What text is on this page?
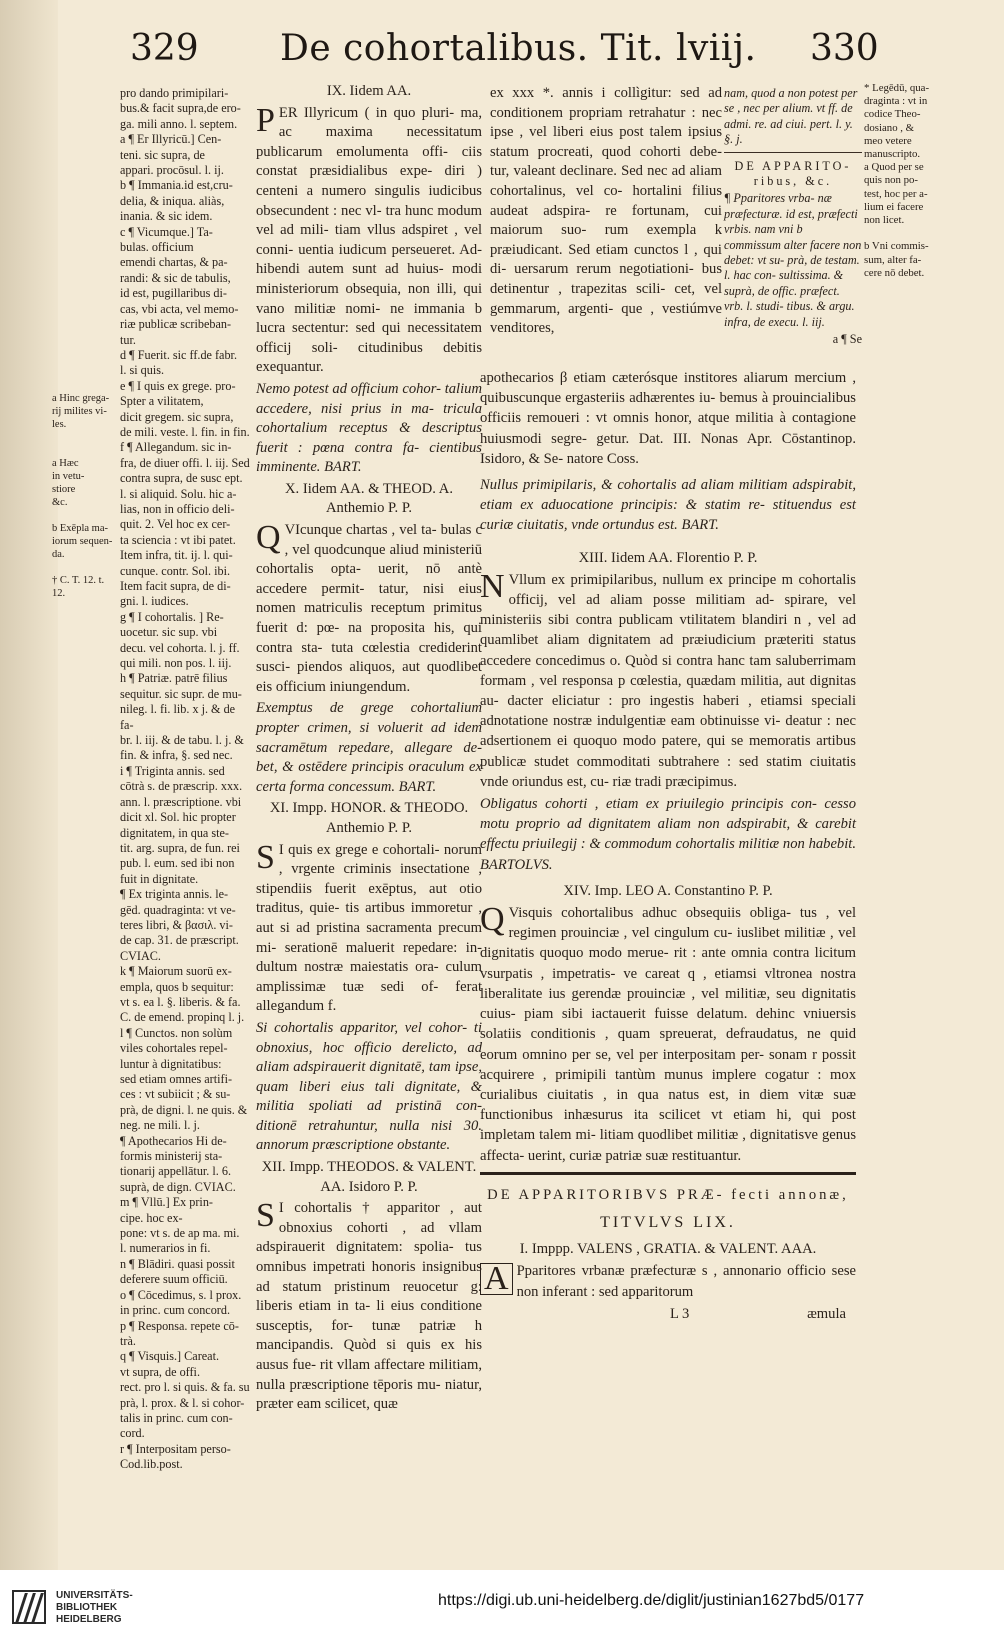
329 De cohortalibus. Tit. lviij. 330
a Hinc grega-
rij milites vi-
les.

a Hæc
in vetu-
stiore
&c.

b Exēpla ma-
iorum sequen-
da.

† C. T. 12. t.
12.
pro dando primipilari-
bus.& facit supra,de ero-
ga. mili anno. l. septem.
a ¶ Er Illyricū.] Cen-
teni. sic supra, de
appari. procōsul. l. ij.
b ¶ Immania.id est,cru-
delia, & iniqua. aliàs,
inania. & sic idem.
c ¶ Vicumque.] Ta-
bulas. officium
emendi chartas, & pa-
randi: & sic de tabulis,
id est, pugillaribus di-
cas, vbi acta, vel memo-
riæ publicæ scribeban-
tur.
d ¶ Fuerit. sic ff.de fabr.
l. si quis.
e ¶ I quis ex grege. pro-
Spter a vilitatem,
dicit gregem. sic supra,
de mili. veste. l. fin. in fin.
f ¶ Allegandum. sic in-
fra, de diuer offi. l. iij. Sed
contra supra, de susc ept.
l. si aliquid. Solu. hic a-
lias, non in officio deli-
quit. 2. Vel hoc ex cer-
ta sciencia : vt ibi patet.
Item infra, tit. ij. l. qui-
cunque. contr. Sol. ibi.
Item facit supra, de di-
gni. l. iudices.
g ¶ I cohortalis. ] Re-
uocetur. sic sup. vbi
decu. vel cohorta. l. j. ff.
qui mili. non pos. l. iij.
h ¶ Patriæ. patrē filius
sequitur. sic supr. de mu-
nileg. l. fi. lib. x j. & de fa-
br. l. iij. & de tabu. l. j. &
fin. & infra, §. sed nec.
i ¶ Triginta annis. sed
cōtrà s. de præscrip. xxx.
ann. l. præscriptione. vbi
dicit xl. Sol. hic propter
dignitatem, in qua ste-
tit. arg. supra, de fun. rei
pub. l. eum. sed ibi non
fuit in dignitate.
¶ Ex triginta annis. le-
gēd. quadraginta: vt ve-
teres libri, & βασιλ. vi-
de cap. 31. de præscript.
CVIAC.
k ¶ Maiorum suorū ex-
empla, quos b sequitur:
vt s. ea l. §. liberis. & fa.
C. de emend. propinq l. j.
l ¶ Cunctos. non solùm
viles cohortales repel-
luntur à dignitatibus:
sed etiam omnes artifi-
ces : vt subiicit ; & su-
prà, de digni. l. ne quis. &
neg. ne mili. l. j.
¶ Apothecarios Hi de-
formis ministerij sta-
tionarij appellātur. l. 6.
suprà, de dign. CVIAC.
m ¶ Vllū.] Ex prin-
cipe. hoc ex-
pone: vt s. de ap ma. mi.
l. numerarios in fi.
n ¶ Blādiri. quasi possit
deferere suum officiū.
o ¶ Cōcedimus, s. l prox.
in princ. cum concord.
p ¶ Responsa. repete cō-
trà.
q ¶ Visquis.] Careat.
vt supra, de offi.
rect. pro l. si quis. & fa. su
prà, l. prox. & l. si cohor-
talis in princ. cum con-
cord.
r ¶ Interpositam perso-
Cod.lib.post.
IX. Iidem AA.
PER Illyricum ( in quo pluri- ma, ac maxima necessitatum publicarum emolumenta offi- ciis constat præsidialibus expe- diri ) centeni a numero singulis iudicibus obsecundent : nec vl- tra hunc modum vel ad mili- tiam vllus adspiret , vel conni- uentia iudicum perseueret. Ad- hibendi autem sunt ad huius- modi ministeriorum obsequia, non illi, qui vano militiæ nomi- ne immania b lucra sectentur: sed qui necessitatem officij soli- citudinibus debitis exequantur.
Nemo potest ad officium cohor- talium accedere, nisi prius in ma- tricula cohortalium receptus & descriptus fuerit : pœna contra fa- cientibus imminente. BART.
X. Iidem AA. & THEOD. A. Anthemio P. P.
Q VIcunque chartas , vel ta- bulas c , vel quodcunque aliud ministeriū cohortalis opta- uerit, nō antè accedere permit- tatur, nisi eius nomen matriculis receptum primitus fuerit d: pœ- na proposita his, qui contra sta- tuta cœlestia crediderint susci- piendos aliquos, aut quodlibet eis officium iniungendum.
Exemptus de grege cohortalium propter crimen, si voluerit ad idem sacramētum repedare, allegare de- bet, & ostēdere principis oraculum ex certa forma concessum. BART.
XI. Impp. HONOR. & THEODO. Anthemio P. P.
S I quis ex grege e cohortali- norum , vrgente criminis insectatione , stipendiis fuerit exēptus, aut otio traditus, quie- tis artibus immoretur , aut si ad pristina sacramenta precum mi- serationē maluerit repedare: in- dultum nostræ maiestatis ora- culum amplissimæ tuæ sedi of- ferat allegandum f.
Si cohortalis apparitor, vel cohor- ti obnoxius, hoc officio derelicto, ad aliam adspirauerit dignitatē, tam ipse, quam liberi eius tali dignitate, & militia spoliati ad pristinā con- ditionē retrahuntur, nulla nisi 30. annorum præscriptione obstante.
XII. Impp. THEODOS. & VALENT. AA. Isidoro P. P.
S I cohortalis † apparitor , aut obnoxius cohorti , ad vllam adspirauerit dignitatem: spolia- tus omnibus impetrati honoris insignibus ad statum pristinum reuocetur g: liberis etiam in ta- li eius conditione susceptis, for- tunæ patriæ h mancipandis. Quòd si quis ex his ausus fue- rit vllam affectare militiam, nulla præscriptione tēporis mu- niatur, præter eam scilicet, quæ
ex xxx *. annis i collìgitur: sed ad conditionem propriam retrahatur : nec ipse , vel liberi eius post talem ipsius statum procreati, quod cohorti debe- tur, valeant declinare. Sed nec ad aliam cohortalinus, vel co- hortalini filius audeat adspira- re fortunam, cui maiorum suo- rum exempla k præiudicant. Sed etiam cunctos l , qui di- uersarum rerum negotiationi- bus detinentur , trapezitas scili- cet, vel gemmarum, argenti- que , vestiúmve venditores,
nam, quod a non potest per se , nec per alium. vt ff. de admi. re. ad ciui. pert. l. y. §. j.
DE APPARITO- ribus, &c.
¶ Pparitores vrba- næ præfecturæ. id est, præfecti vrbis. nam vni b commissum alter facere non debet: vt su- prà, de testam. l. hac con- sultissima. & suprà, de offic. præfect. vrb. l. studi- tibus. & argu. infra, de execu. l. iij.
a ¶ Se
* Legēdū, qua-
draginta : vt in
codice Theo-
dosiano , &
meo vetere
manuscripto.
a Quod per se
quis non po-
test, hoc per a-
lium ei facere
non licet.

b Vni commis-
sum, alter fa-
cere nō debet.
apothecarios β etiam cæterósque institores aliarum mercium , quibuscunque ergasteriis adhærentes iu- bemus à prouincialibus officiis remoueri : vt omnis honor, atque militia à contagione huiusmodi segre- getur. Dat. III. Nonas Apr. Cōstantinop. Isidoro, & Se- natore Coss.
Nullus primipilaris, & cohortalis ad aliam militiam adspirabit, etiam ex aduocatione principis: & statim re- stituendus est curiæ ciuitatis, vnde ortundus est. BART.
XIII. Iidem AA. Florentio P. P.
N Vllum ex primipilaribus, nullum ex principe m cohortalis officij, vel ad aliam posse militiam ad- spirare, vel ministeriis sibi contra publicam vtilitatem blandiri n , vel ad quamlibet aliam dignitatem ad præiudicium præteriti status accedere concedimus o. Quòd si contra hanc tam saluberrimam formam , vel responsa p cœlestia, quædam militia, aut dignitas au- dacter eliciatur : pro ingestis haberi , etiamsi speciali adnotatione nostræ indulgentiæ eam obtinuisse vi- deatur : nec adsertionem ei quoquo modo patere, qui se memoratis artibus publicæ studet commoditati subtrahere : sed statim ciuitatis vnde oriundus est, cu- riæ tradi præcipimus.
Obligatus cohorti , etiam ex priuilegio principis con- cesso motu proprio ad dignitatem aliam non adspirabit, & carebit effectu priuilegij : & commodum cohortalis militiæ non habebit. BARTOLVS.
XIV. Imp. LEO A. Constantino P. P.
Q Visquis cohortalibus adhuc obsequiis obliga- tus , vel regimen prouinciæ , vel cingulum cu- iuslibet militiæ , vel dignitatis quoquo modo merue- rit : ante omnia contra licitum vsurpatis , impetratis- ve careat q , etiamsi vltronea nostra liberalitate ius gerendæ prouinciæ , vel militiæ, seu dignitatis cuius- piam sibi iactauerit fuisse delatum. dehinc vniuersis solatiis conditionis , quam spreuerat, defraudatus, ne quid eorum omnino per se, vel per interpositam per- sonam r possit acquirere , primipili tantùm munus implere cogatur : mox curialibus ciuitatis , in qua natus est, in diem vitæ suæ functionibus inhæsurus ita scilicet vt etiam hi, qui post impletam talem mi- litiam quodlibet militiæ , dignitatisve genus affecta- uerint, curiæ patriæ suæ restituantur.
DE APPARITORIBVS PRÆ- fecti annonæ,
TITVLVS LIX.
I. Imppp. VALENS , GRATIA. & VALENT. AAA.
A Pparitores vrbanæ præfecturæ s , annonario officio sese non inferant : sed apparitorum
L 3	æmula
UNIVERSITÄTS-
BIBLIOTHEK
HEIDELBERG
https://digi.ub.uni-heidelberg.de/diglit/justinian1627bd5/0177
